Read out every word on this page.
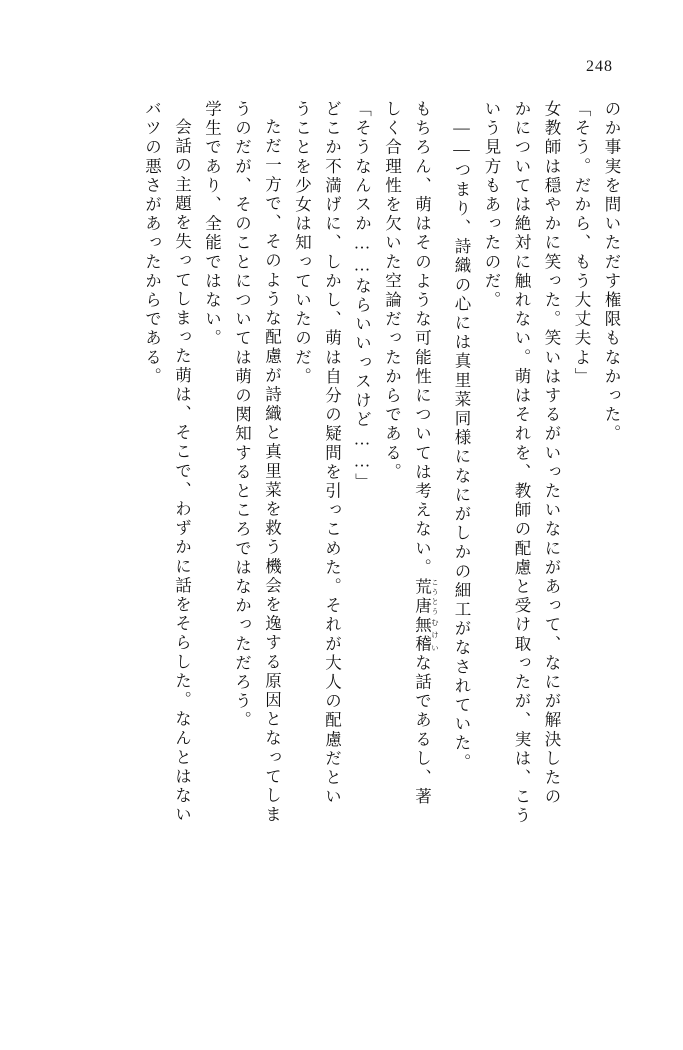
248
のか事実を問いただす権限もなかった。
「そう。だから、もう大丈夫よ」
女教師は穏やかに笑った。笑いはするがいったいなにがあって、なにが解決したの
かについては絶対に触れない。萌はそれを、教師の配慮と受け取ったが、実は、こう
いう見方もあったのだ。
——つまり、詩織の心には真里菜同様になにがしかの細工がなされていた。
もちろん、萌はそのような可能性については考えない。荒唐 こうとう無稽 むけいな話であるし、著
しく合理性を欠いた空論だったからである。
「そうなんスか……ならいいっスけど……」
どこか不満げに、しかし、萌は自分の疑問を引っこめた。それが大人の配慮だとい
うことを少女は知っていたのだ。
ただ一方で、そのような配慮が詩織と真里菜を救う機会を逸する原因となってしま
うのだが、そのことについては萌の関知するところではなかっただろう。
学生であり、全能ではない。
会話の主題を失ってしまった萌は、そこで、わずかに話をそらした。なんとはない
バツの悪さがあったからである。
